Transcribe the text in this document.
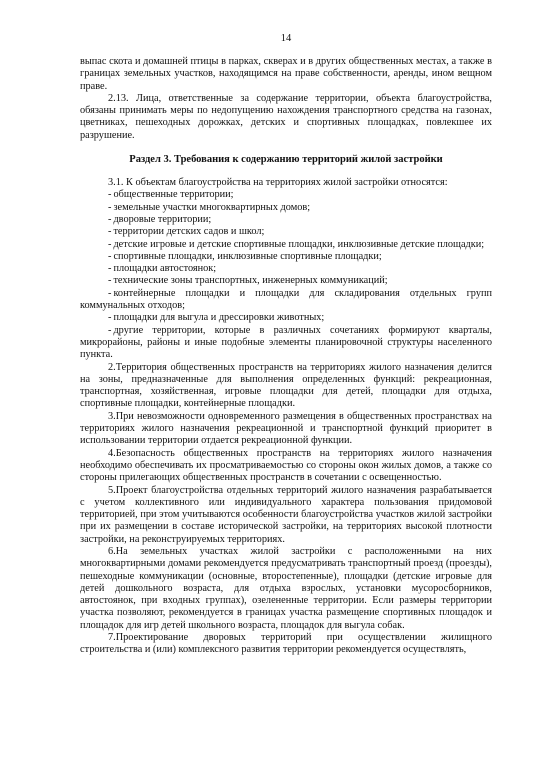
14

выпас скота и домашней птицы в парках, скверах и в других общественных местах, а также в границах земельных участков, находящимся на праве собственности, аренды, ином вещном праве.

2.13. Лица, ответственные за содержание территории, объекта благоустройства, обязаны принимать меры по недопущению нахождения транспортного средства на газонах, цветниках, пешеходных дорожках, детских и спортивных площадках, повлекшее их разрушение.

Раздел 3. Требования к содержанию территорий жилой застройки

3.1. К объектам благоустройства на территориях жилой застройки относятся:

- общественные территории;
- земельные участки многоквартирных домов;
- дворовые территории;
- территории детских садов и школ;
- детские игровые и детские спортивные площадки, инклюзивные детские площадки;
- спортивные площадки, инклюзивные спортивные площадки;
- площадки автостоянок;
- технические зоны транспортных, инженерных коммуникаций;
- контейнерные площадки и площадки для складирования отдельных групп коммунальных отходов;
- площадки для выгула и дрессировки животных;
- другие территории, которые в различных сочетаниях формируют кварталы, микрорайоны, районы и иные подобные элементы планировочной структуры населенного пункта.

2.Территория общественных пространств на территориях жилого назначения делится на зоны, предназначенные для выполнения определенных функций: рекреационная, транспортная, хозяйственная, игровые площадки для детей, площадки для отдыха, спортивные площадки, контейнерные площадки.

3.При невозможности одновременного размещения в общественных пространствах на территориях жилого назначения рекреационной и транспортной функций приоритет в использовании территории отдается рекреационной функции.

4.Безопасность общественных пространств на территориях жилого назначения необходимо обеспечивать их просматриваемостью со стороны окон жилых домов, а также со стороны прилегающих общественных пространств в сочетании с освещенностью.

5.Проект благоустройства отдельных территорий жилого назначения разрабатывается с учетом коллективного или индивидуального характера пользования придомовой территорией, при этом учитываются особенности благоустройства участков жилой застройки при их размещении в составе исторической застройки, на территориях высокой плотности застройки, на реконструируемых территориях.

6.На земельных участках жилой застройки с расположенными на них многоквартирными домами рекомендуется предусматривать транспортный проезд (проезды), пешеходные коммуникации (основные, второстепенные), площадки (детские игровые для детей дошкольного возраста, для отдыха взрослых, установки мусоросборников, автостоянок, при входных группах), озелененные территории. Если размеры территории участка позволяют, рекомендуется в границах участка размещение спортивных площадок и площадок для игр детей школьного возраста, площадок для выгула собак.

7.Проектирование дворовых территорий при осуществлении жилищного строительства и (или) комплексного развития территории рекомендуется осуществлять,
